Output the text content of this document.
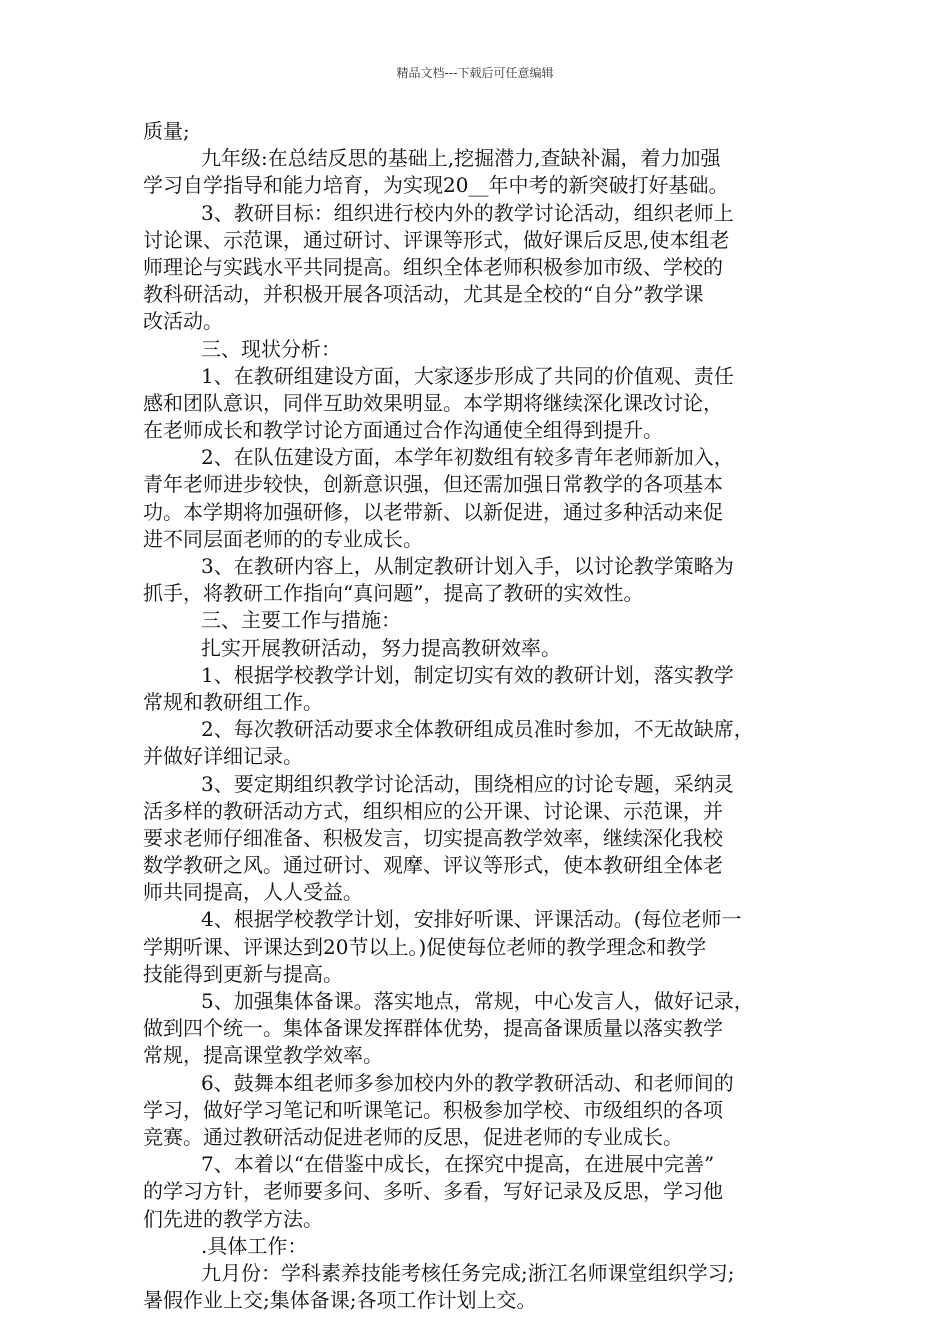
精品文档---下载后可任意编辑
质量;
九年级:在总结反思的基础上,挖掘潜力,查缺补漏，着力加强
学习自学指导和能力培育，为实现20__年中考的新突破打好基础。
3、教研目标：组织进行校内外的教学讨论活动，组织老师上
讨论课、示范课，通过研讨、评课等形式，做好课后反思,使本组老
师理论与实践水平共同提高。组织全体老师积极参加市级、学校的
教科研活动，并积极开展各项活动，尤其是全校的“自分”教学课
改活动。
三、现状分析：
1、在教研组建设方面，大家逐步形成了共同的价值观、责任
感和团队意识，同伴互助效果明显。本学期将继续深化课改讨论，
在老师成长和教学讨论方面通过合作沟通使全组得到提升。
2、在队伍建设方面，本学年初数组有较多青年老师新加入，
青年老师进步较快，创新意识强，但还需加强日常教学的各项基本
功。本学期将加强研修，以老带新、以新促进，通过多种活动来促
进不同层面老师的的专业成长。
3、在教研内容上，从制定教研计划入手，以讨论教学策略为
抓手，将教研工作指向“真问题”，提高了教研的实效性。
三、主要工作与措施：
扎实开展教研活动，努力提高教研效率。
1、根据学校教学计划，制定切实有效的教研计划，落实教学
常规和教研组工作。
2、每次教研活动要求全体教研组成员准时参加，不无故缺席，
并做好详细记录。
3、要定期组织教学讨论活动，围绕相应的讨论专题，采纳灵
活多样的教研活动方式，组织相应的公开课、讨论课、示范课，并
要求老师仔细准备、积极发言，切实提高教学效率，继续深化我校
数学教研之风。通过研讨、观摩、评议等形式，使本教研组全体老
师共同提高，人人受益。
4、根据学校教学计划，安排好听课、评课活动。(每位老师一
学期听课、评课达到20节以上。)促使每位老师的教学理念和教学
技能得到更新与提高。
5、加强集体备课。落实地点，常规，中心发言人，做好记录，
做到四个统一。集体备课发挥群体优势，提高备课质量以落实教学
常规，提高课堂教学效率。
6、鼓舞本组老师多参加校内外的教学教研活动、和老师间的
学习，做好学习笔记和听课笔记。积极参加学校、市级组织的各项
竞赛。通过教研活动促进老师的反思，促进老师的专业成长。
7、本着以“在借鉴中成长，在探究中提高，在进展中完善”
的学习方针，老师要多问、多听、多看，写好记录及反思，学习他
们先进的教学方法。
.具体工作：
九月份：学科素养技能考核任务完成;浙江名师课堂组织学习;
暑假作业上交;集体备课;各项工作计划上交。
